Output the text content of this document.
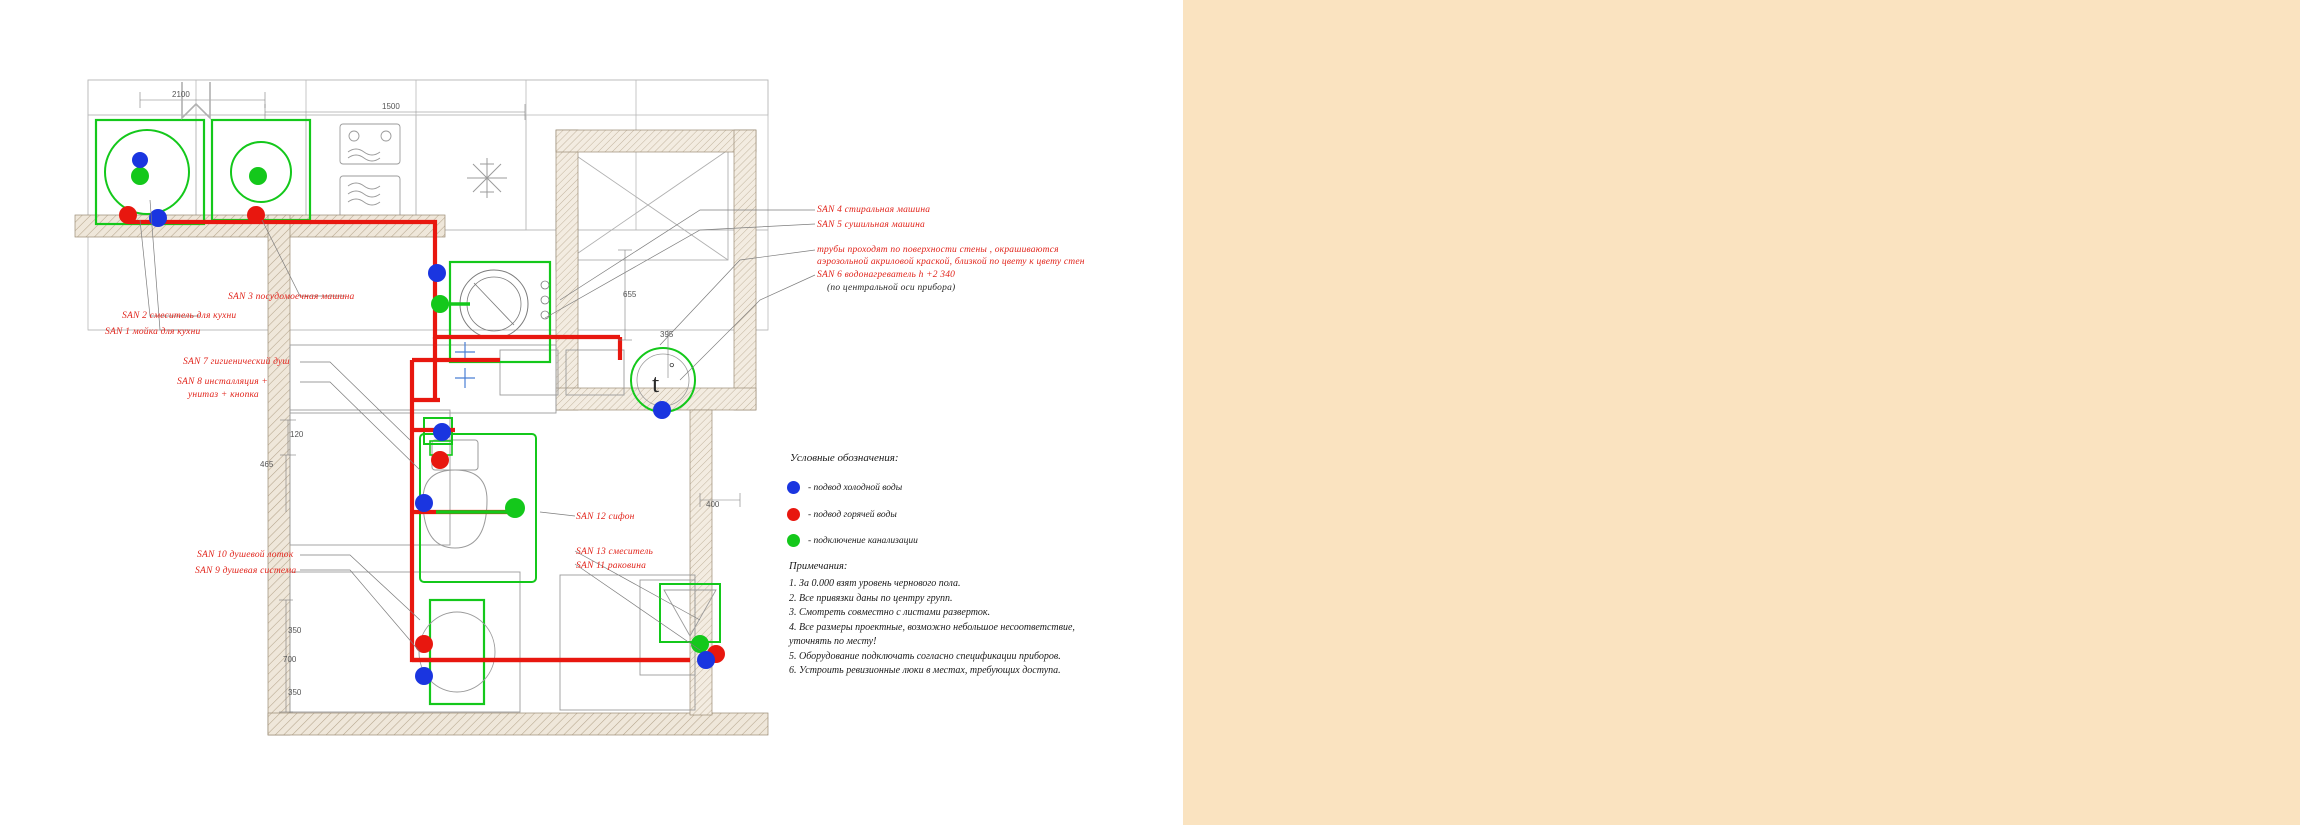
t
°
2100
1500
655
395
120
465
400
350
700
350
SAN 2 смеситель для кухни
SAN 1 мойка для кухни
SAN 3 посудомоечная машина
SAN 7 гигиенический душ
SAN 8 инсталляция +
унитаз + кнопка
SAN 10 душевой лоток
SAN 9 душевая система
SAN 12 сифон
SAN 13 смеситель
SAN 11 раковина
SAN 4 стиральная машина
SAN 5 сушильная машина
трубы проходят по поверхности стены , окрашиваются
аэрозольной акриловой краской, близкой по цвету к цвету стен
SAN 6 водонагреватель h +2 340
(по центральной оси прибора)
Условные обозначения:
- подвод холодной воды
- подвод горячей воды
- подключение канализации
Примечания:
1. За 0.000 взят уровень чернового пола.
2. Все привязки даны по центру групп.
3. Смотреть совместно с листами разверток.
4. Все размеры проектные, возможно небольшое несоответствие,
уточнять по месту!
5. Оборудование подключать согласно спецификации приборов.
6. Устроить ревизионные люки в местах, требующих доступа.
